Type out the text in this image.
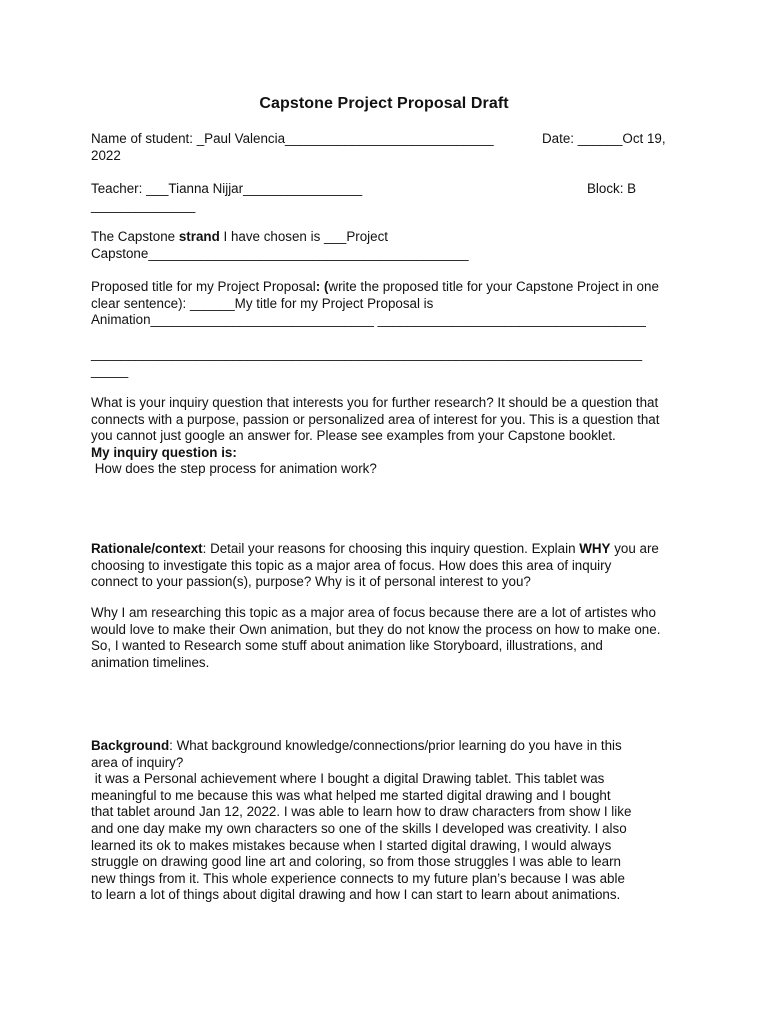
Capstone Project Proposal Draft
Name of student: _Paul Valencia____________________________	Date: ______Oct 19,
2022
Teacher: ___Tianna Nijjar________________	Block: B
______________
The Capstone strand I have chosen is ___Project
Capstone___________________________________________
Proposed title for my Project Proposal: (write the proposed title for your Capstone Project in one
clear sentence): ______My title for my Project Proposal is
Animation______________________________ ____________________________________
__________________________________________________________________________
_____
What is your inquiry question that interests you for further research? It should be a question that
connects with a purpose, passion or personalized area of interest for you. This is a question that
you cannot just google an answer for. Please see examples from your Capstone booklet.
My inquiry question is:
How does the step process for animation work?
Rationale/context: Detail your reasons for choosing this inquiry question. Explain WHY you are
choosing to investigate this topic as a major area of focus. How does this area of inquiry
connect to your passion(s), purpose? Why is it of personal interest to you?
Why I am researching this topic as a major area of focus because there are a lot of artistes who
would love to make their Own animation, but they do not know the process on how to make one.
So, I wanted to Research some stuff about animation like Storyboard, illustrations, and
animation timelines.
Background: What background knowledge/connections/prior learning do you have in this
area of inquiry?
it was a Personal achievement where I bought a digital Drawing tablet. This tablet was
meaningful to me because this was what helped me started digital drawing and I bought
that tablet around Jan 12, 2022. I was able to learn how to draw characters from show I like
and one day make my own characters so one of the skills I developed was creativity. I also
learned its ok to makes mistakes because when I started digital drawing, I would always
struggle on drawing good line art and coloring, so from those struggles I was able to learn
new things from it. This whole experience connects to my future plan’s because I was able
to learn a lot of things about digital drawing and how I can start to learn about animations.
